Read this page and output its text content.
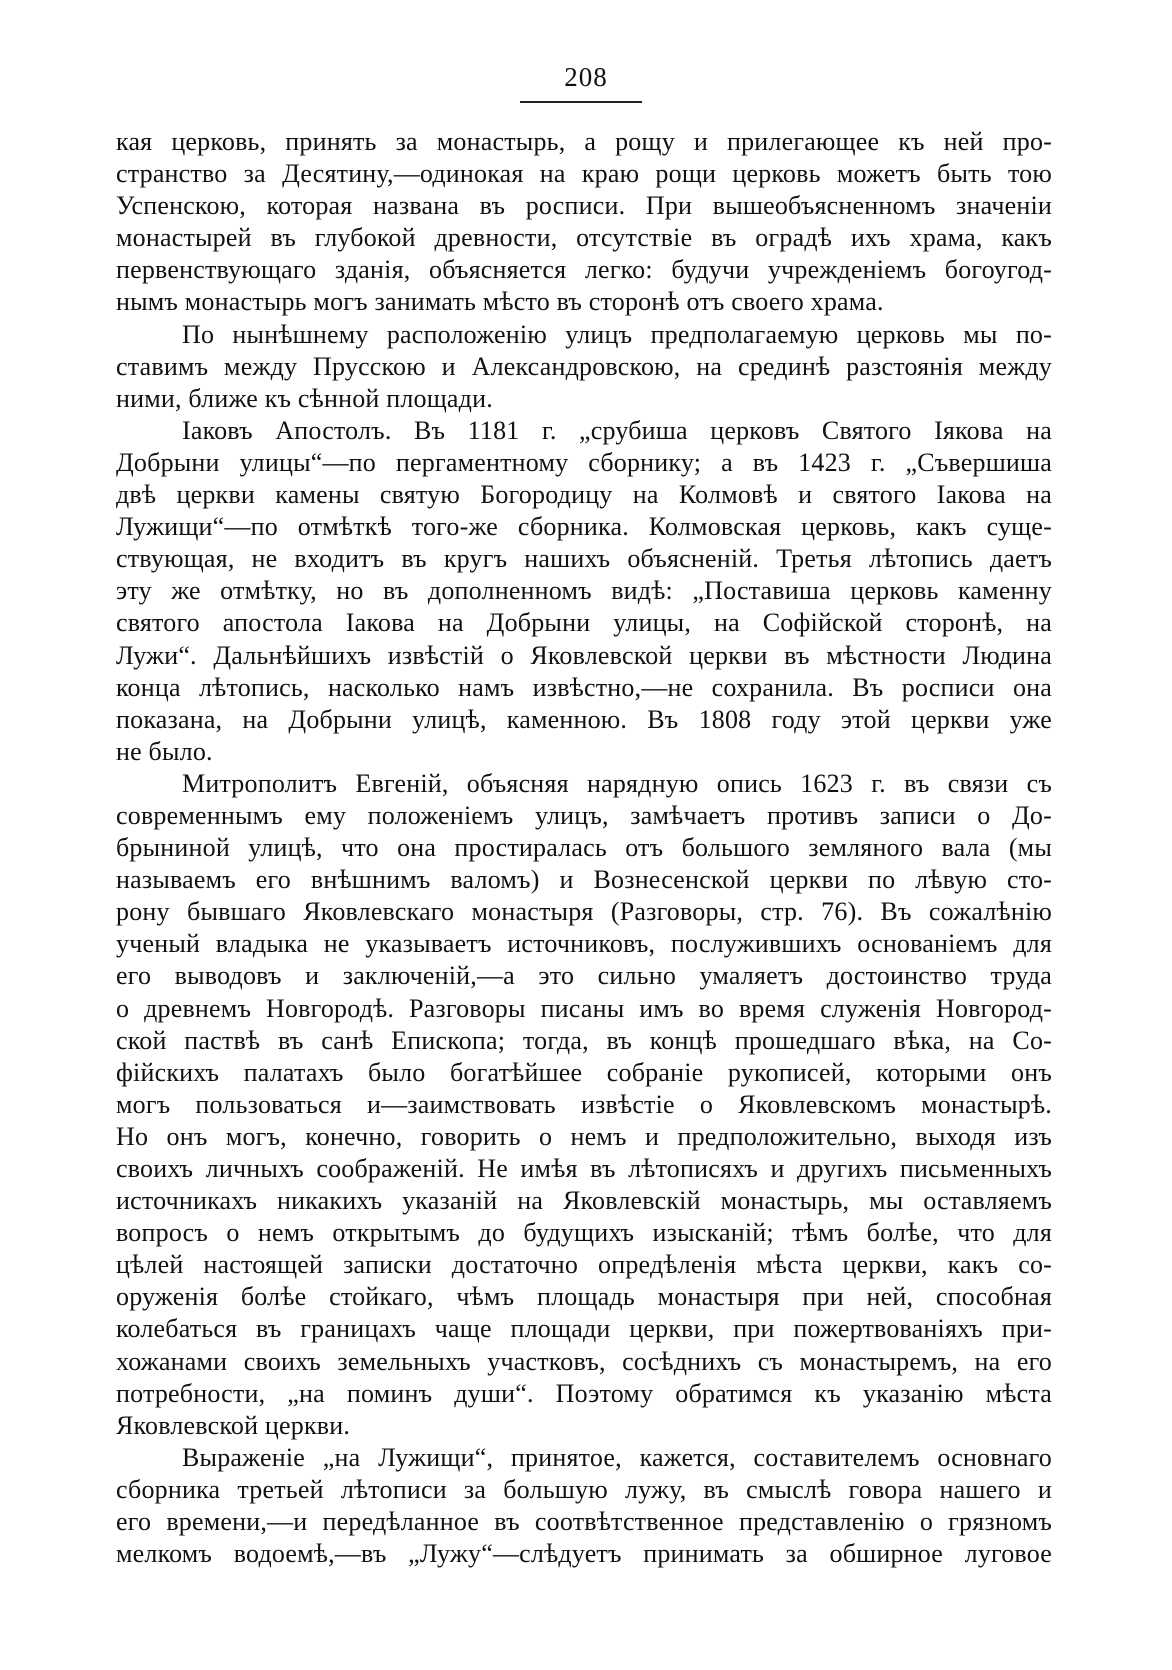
208
кая церковь, принять за монастырь, а рощу и прилегающее къ ней про-
странство за Десятину,—одинокая на краю рощи церковь можетъ быть тою
Успенскою, которая названа въ росписи. При вышеобъясненномъ значеніи
монастырей въ глубокой древности, отсутствіе въ оградѣ ихъ храма, какъ
первенствующаго зданія, объясняется легко: будучи учрежденіемъ богоугод-
нымъ монастырь могъ занимать мѣсто въ сторонѣ отъ своего храма.
По нынѣшнему расположенію улицъ предполагаемую церковь мы по-
ставимъ между Прусскою и Александровскою, на срединѣ разстоянія между
ними, ближе къ сѣнной площади.
Іаковъ Апостолъ. Въ 1181 г. „срубиша церковъ Святого Іякова на
Добрыни улицы“—по пергаментному сборнику; а въ 1423 г. „Съвершиша
двѣ церкви камены святую Богородицу на Колмовѣ и святого Іакова на
Лужищи“—по отмѣткѣ того-же сборника. Колмовская церковь, какъ суще-
ствующая, не входитъ въ кругъ нашихъ объясненій. Третья лѣтопись даетъ
эту же отмѣтку, но въ дополненномъ видѣ: „Поставиша церковь каменну
святого апостола Іакова на Добрыни улицы, на Софійской сторонѣ, на
Лужи“. Дальнѣйшихъ извѣстій о Яковлевской церкви въ мѣстности Людина
конца лѣтопись, насколько намъ извѣстно,—не сохранила. Въ росписи она
показана, на Добрыни улицѣ, каменною. Въ 1808 году этой церкви уже
не было.
Митрополитъ Евгеній, объясняя нарядную опись 1623 г. въ связи съ
современнымъ ему положеніемъ улицъ, замѣчаетъ противъ записи о До-
брыниной улицѣ, что она простиралась отъ большого земляного вала (мы
называемъ его внѣшнимъ валомъ) и Вознесенской церкви по лѣвую сто-
рону бывшаго Яковлевскаго монастыря (Разговоры, стр. 76). Въ сожалѣнію
ученый владыка не указываетъ источниковъ, послужившихъ основаніемъ для
его выводовъ и заключеній,—а это сильно умаляетъ достоинство труда
о древнемъ Новгородѣ. Разговоры писаны имъ во время служенія Новгород-
ской паствѣ въ санѣ Епископа; тогда, въ концѣ прошедшаго вѣка, на Со-
фійскихъ палатахъ было богатѣйшее собраніе рукописей, которыми онъ
могъ пользоваться и—заимствовать извѣстіе о Яковлевскомъ монастырѣ.
Но онъ могъ, конечно, говорить о немъ и предположительно, выходя изъ
своихъ личныхъ соображеній. Не имѣя въ лѣтописяхъ и другихъ письменныхъ
источникахъ никакихъ указаній на Яковлевскій монастырь, мы оставляемъ
вопросъ о немъ открытымъ до будущихъ изысканій; тѣмъ болѣе, что для
цѣлей настоящей записки достаточно опредѣленія мѣста церкви, какъ со-
оруженія болѣе стойкаго, чѣмъ площадь монастыря при ней, способная
колебаться въ границахъ чаще площади церкви, при пожертвованіяхъ при-
хожанами своихъ земельныхъ участковъ, сосѣднихъ съ монастыремъ, на его
потребности, „на поминъ души“. Поэтому обратимся къ указанію мѣста
Яковлевской церкви.
Выраженіе „на Лужищи“, принятое, кажется, составителемъ основнаго
сборника третьей лѣтописи за большую лужу, въ смыслѣ говора нашего и
его времени,—и передѣланное въ соотвѣтственное представленію о грязномъ
мелкомъ водоемѣ,—въ „Лужу“—слѣдуетъ принимать за обширное луговое
